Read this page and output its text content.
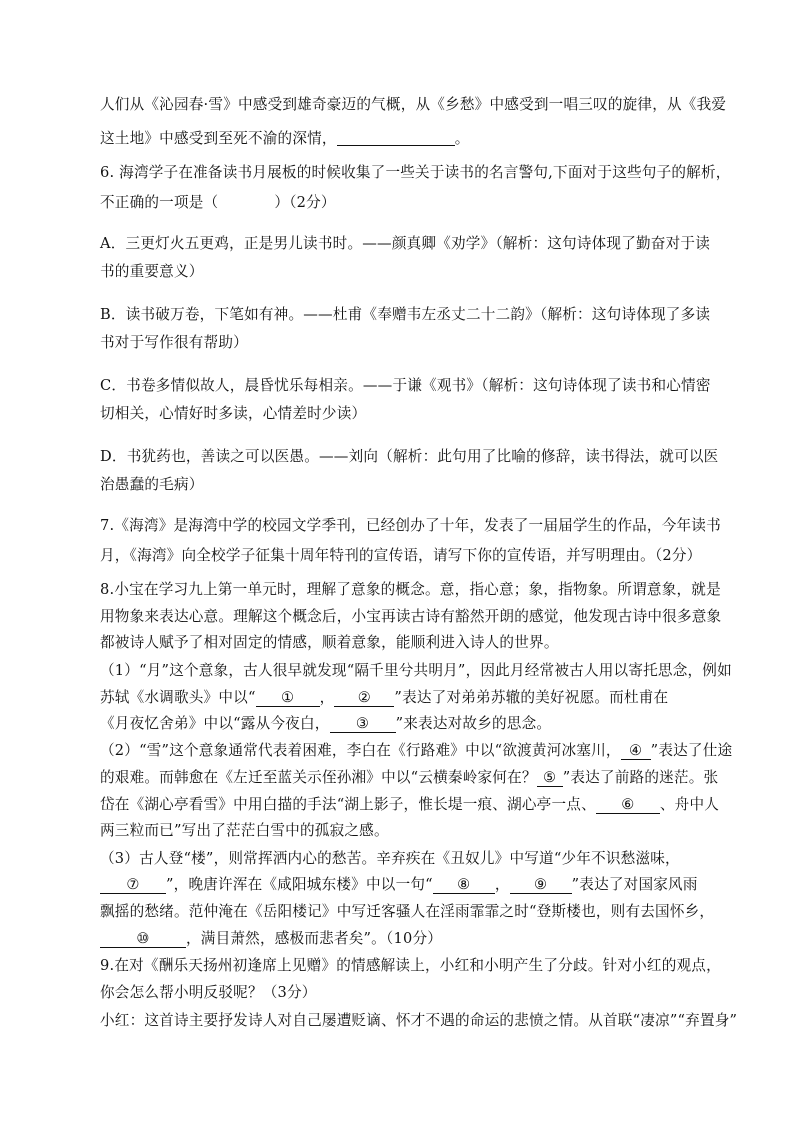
人们从《沁园春·雪》中感受到雄奇豪迈的气概，从《乡愁》中感受到一唱三叹的旋律，从《我爱
这土地》中感受到至死不渝的深情，	。
6. 海湾学子在准备读书月展板的时候收集了一些关于读书的名言警句,下面对于这些句子的解析，
不正确的一项是（	）（2分）
A．三更灯火五更鸡，正是男儿读书时。——颜真卿《劝学》（解析：这句诗体现了勤奋对于读
书的重要意义）
B．读书破万卷，下笔如有神。——杜甫《奉赠韦左丞丈二十二韵》（解析：这句诗体现了多读
书对于写作很有帮助）
C．书卷多情似故人，晨昏忧乐每相亲。——于谦《观书》（解析：这句诗体现了读书和心情密
切相关，心情好时多读，心情差时少读）
D．书犹药也，善读之可以医愚。——刘向（解析：此句用了比喻的修辞，读书得法，就可以医
治愚蠢的毛病）
7.《海湾》是海湾中学的校园文学季刊，已经创办了十年，发表了一届届学生的作品，今年读书
月，《海湾》向全校学子征集十周年特刊的宣传语，请写下你的宣传语，并写明理由。（2分）
8.小宝在学习九上第一单元时，理解了意象的概念。意，指心意；象，指物象。所谓意象，就是
用物象来表达心意。理解这个概念后，小宝再读古诗有豁然开朗的感觉，他发现古诗中很多意象
都被诗人赋予了相对固定的情感，顺着意象，能顺利进入诗人的世界。
（1）“月”这个意象，古人很早就发现“隔千里兮共明月”，因此月经常被古人用以寄托思念，例如
苏轼《水调歌头》中以“ ① ， ② ”表达了对弟弟苏辙的美好祝愿。而杜甫在
《月夜忆舍弟》中以“露从今夜白， ③ ”来表达对故乡的思念。
（2）“雪”这个意象通常代表着困难，李白在《行路难》中以“欲渡黄河冰塞川， ④ ”表达了仕途
的艰难。而韩愈在《左迁至蓝关示侄孙湘》中以“云横秦岭家何在？ ⑤ ”表达了前路的迷茫。张
岱在《湖心亭看雪》中用白描的手法“湖上影子，惟长堤一痕、湖心亭一点、 ⑥ 、舟中人
两三粒而已”写出了茫茫白雪中的孤寂之感。
（3）古人登“楼”，则常挥洒内心的愁苦。辛弃疾在《丑奴儿》中写道“少年不识愁滋味，
⑦ ”，晚唐许浑在《咸阳城东楼》中以一句“ ⑧ ， ⑨ ”表达了对国家风雨
飘摇的愁绪。范仲淹在《岳阳楼记》中写迁客骚人在淫雨霏霏之时“登斯楼也，则有去国怀乡，
⑩ ，满目萧然，感极而悲者矣”。（10分）
9.在对《酬乐天扬州初逢席上见赠》的情感解读上，小红和小明产生了分歧。针对小红的观点，
你会怎么帮小明反驳呢？（3分）
小红：这首诗主要抒发诗人对自己屡遭贬谪、怀才不遇的命运的悲愤之情。从首联“凄凉”“弃置身”
